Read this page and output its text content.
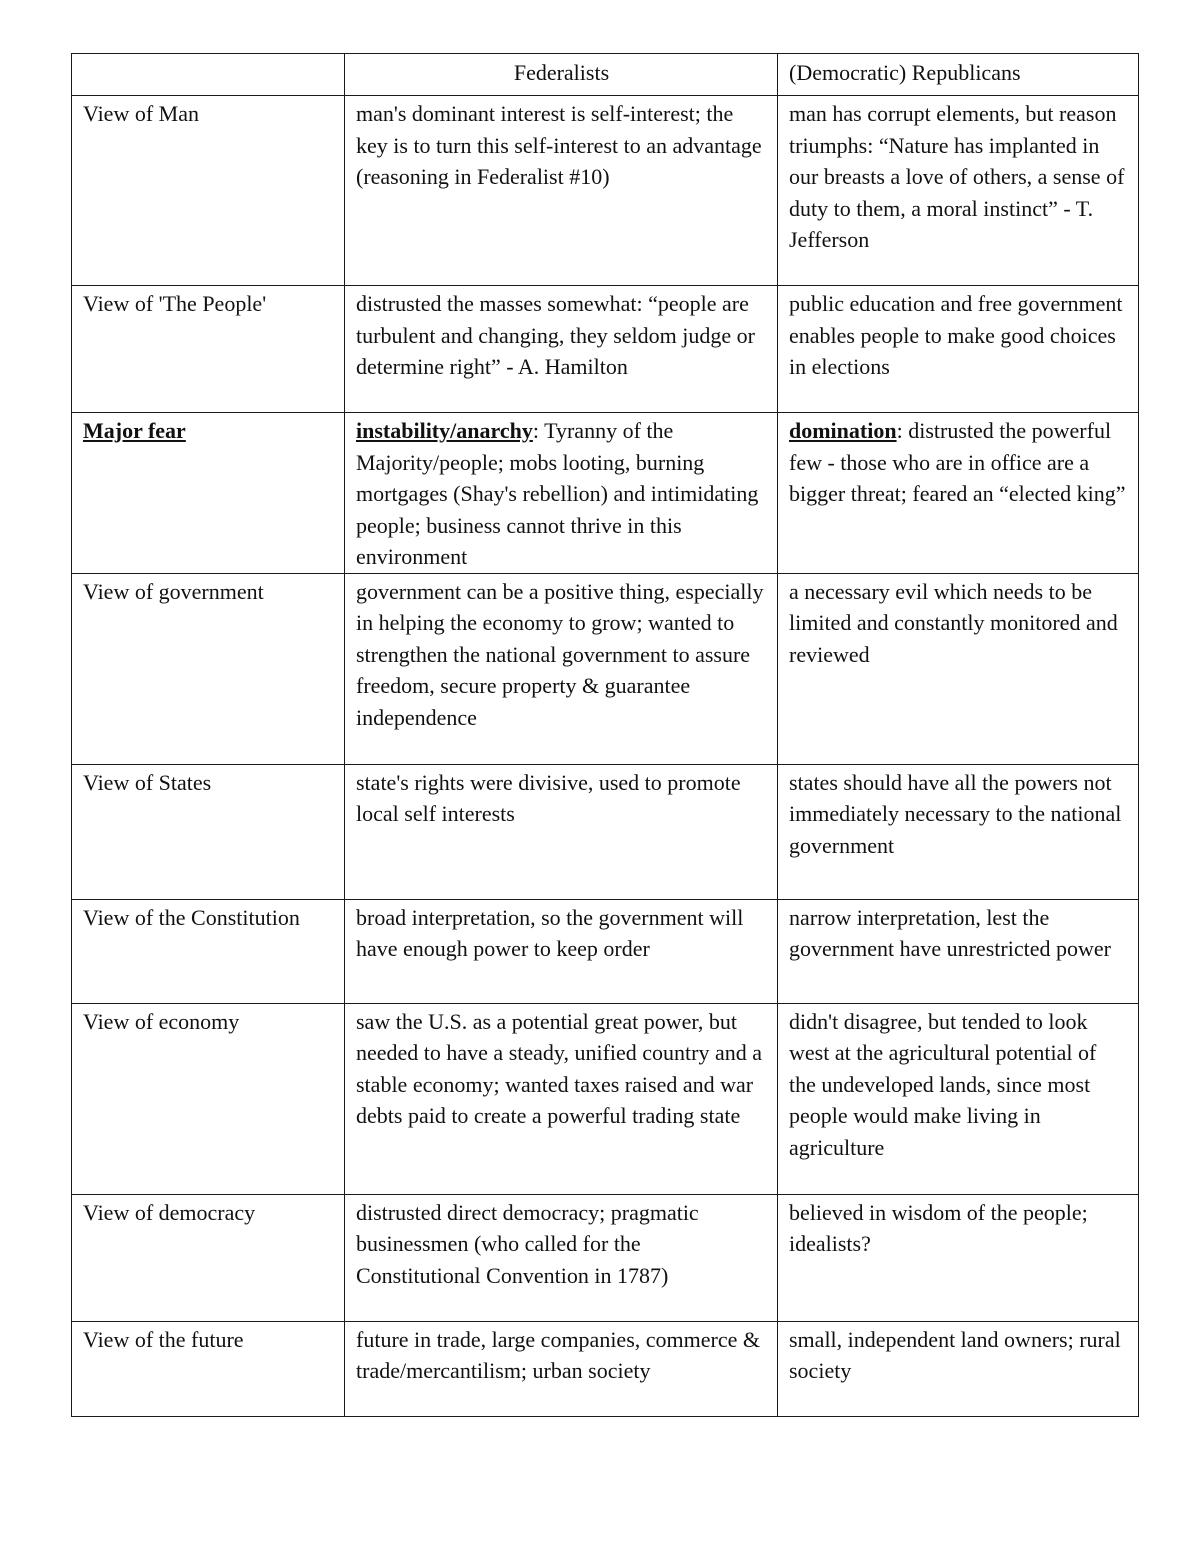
	Federalists	(Democratic) Republicans
View of Man	man's dominant interest is self-interest; the key is to turn this self-interest to an advantage (reasoning in Federalist #10)	man has corrupt elements, but reason triumphs: “Nature has implanted in our breasts a love of others, a sense of duty to them, a moral instinct” - T. Jefferson
View of 'The People'	distrusted the masses somewhat: “people are turbulent and changing, they seldom judge or determine right” - A. Hamilton	public education and free government enables people to make good choices in elections
Major fear	instability/anarchy: Tyranny of the Majority/people; mobs looting, burning mortgages (Shay's rebellion) and intimidating people; business cannot thrive in this environment	domination: distrusted the powerful few - those who are in office are a bigger threat; feared an “elected king”
View of government	government can be a positive thing, especially in helping the economy to grow; wanted to strengthen the national government to assure freedom, secure property & guarantee independence	a necessary evil which needs to be limited and constantly monitored and reviewed
View of States	state's rights were divisive, used to promote local self interests	states should have all the powers not immediately necessary to the national government
View of the Constitution	broad interpretation, so the government will have enough power to keep order	narrow interpretation, lest the government have unrestricted power
View of economy	saw the U.S. as a potential great power, but needed to have a steady, unified country and a stable economy; wanted taxes raised and war debts paid to create a powerful trading state	didn't disagree, but tended to look west at the agricultural potential of the undeveloped lands, since most people would make living in agriculture
View of democracy	distrusted direct democracy; pragmatic businessmen (who called for the Constitutional Convention in 1787)	believed in wisdom of the people; idealists?
View of the future	future in trade, large companies, commerce & trade/mercantilism; urban society	small, independent land owners; rural society
